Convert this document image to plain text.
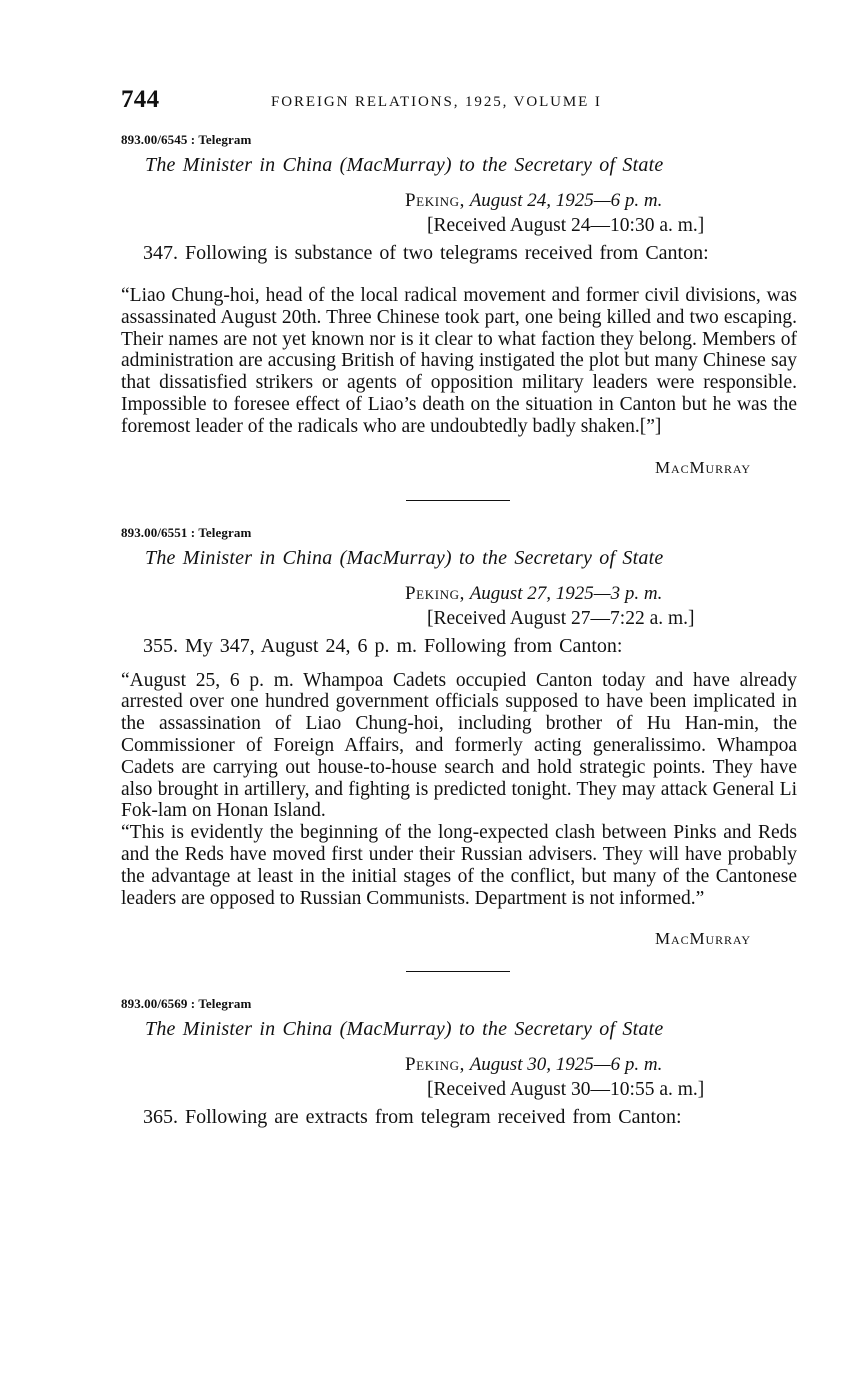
744	FOREIGN RELATIONS, 1925, VOLUME I
893.00/6545 : Telegram
The Minister in China (MacMurray) to the Secretary of State
Peking, August 24, 1925—6 p. m.
[Received August 24—10:30 a. m.]

347. Following is substance of two telegrams received from Canton:

“Liao Chung-hoi, head of the local radical movement and former civil divisions, was assassinated August 20th. Three Chinese took part, one being killed and two escaping. Their names are not yet known nor is it clear to what faction they belong. Members of administration are accusing British of having instigated the plot but many Chinese say that dissatisfied strikers or agents of opposition military leaders were responsible. Impossible to foresee effect of Liao’s death on the situation in Canton but he was the foremost leader of the radicals who are undoubtedly badly shaken.[”]

MacMurray
893.00/6551 : Telegram
The Minister in China (MacMurray) to the Secretary of State
Peking, August 27, 1925—3 p. m.
[Received August 27—7:22 a. m.]

355. My 347, August 24, 6 p. m. Following from Canton:

“August 25, 6 p. m. Whampoa Cadets occupied Canton today and have already arrested over one hundred government officials supposed to have been implicated in the assassination of Liao Chung-hoi, including brother of Hu Han-min, the Commissioner of Foreign Affairs, and formerly acting generalissimo. Whampoa Cadets are carrying out house-to-house search and hold strategic points. They have also brought in artillery, and fighting is predicted tonight. They may attack General Li Fok-lam on Honan Island.

“This is evidently the beginning of the long-expected clash between Pinks and Reds and the Reds have moved first under their Russian advisers. They will have probably the advantage at least in the initial stages of the conflict, but many of the Cantonese leaders are opposed to Russian Communists. Department is not informed.”

MacMurray
893.00/6569 : Telegram
The Minister in China (MacMurray) to the Secretary of State
Peking, August 30, 1925—6 p. m.
[Received August 30—10:55 a. m.]

365. Following are extracts from telegram received from Canton:
